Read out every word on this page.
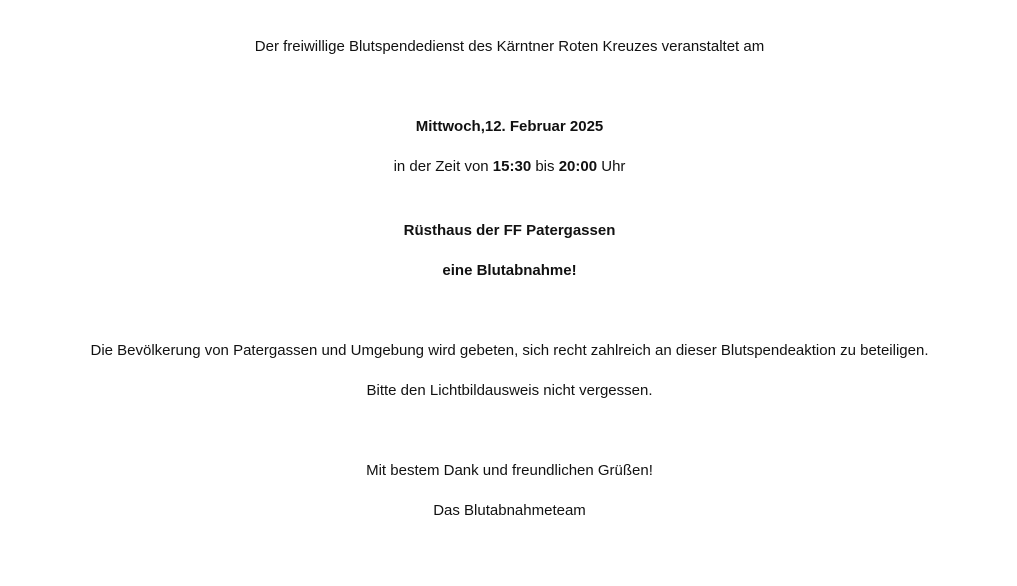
Der freiwillige Blutspendedienst des Kärntner Roten Kreuzes veranstaltet am
Mittwoch,12. Februar 2025
in der Zeit von 15:30 bis 20:00 Uhr
Rüsthaus der FF Patergassen
eine Blutabnahme!
Die Bevölkerung von Patergassen und Umgebung wird gebeten, sich recht zahlreich an dieser Blutspendeaktion zu beteiligen.
Bitte den Lichtbildausweis nicht vergessen.
Mit bestem Dank und freundlichen Grüßen!
Das Blutabnahmeteam
